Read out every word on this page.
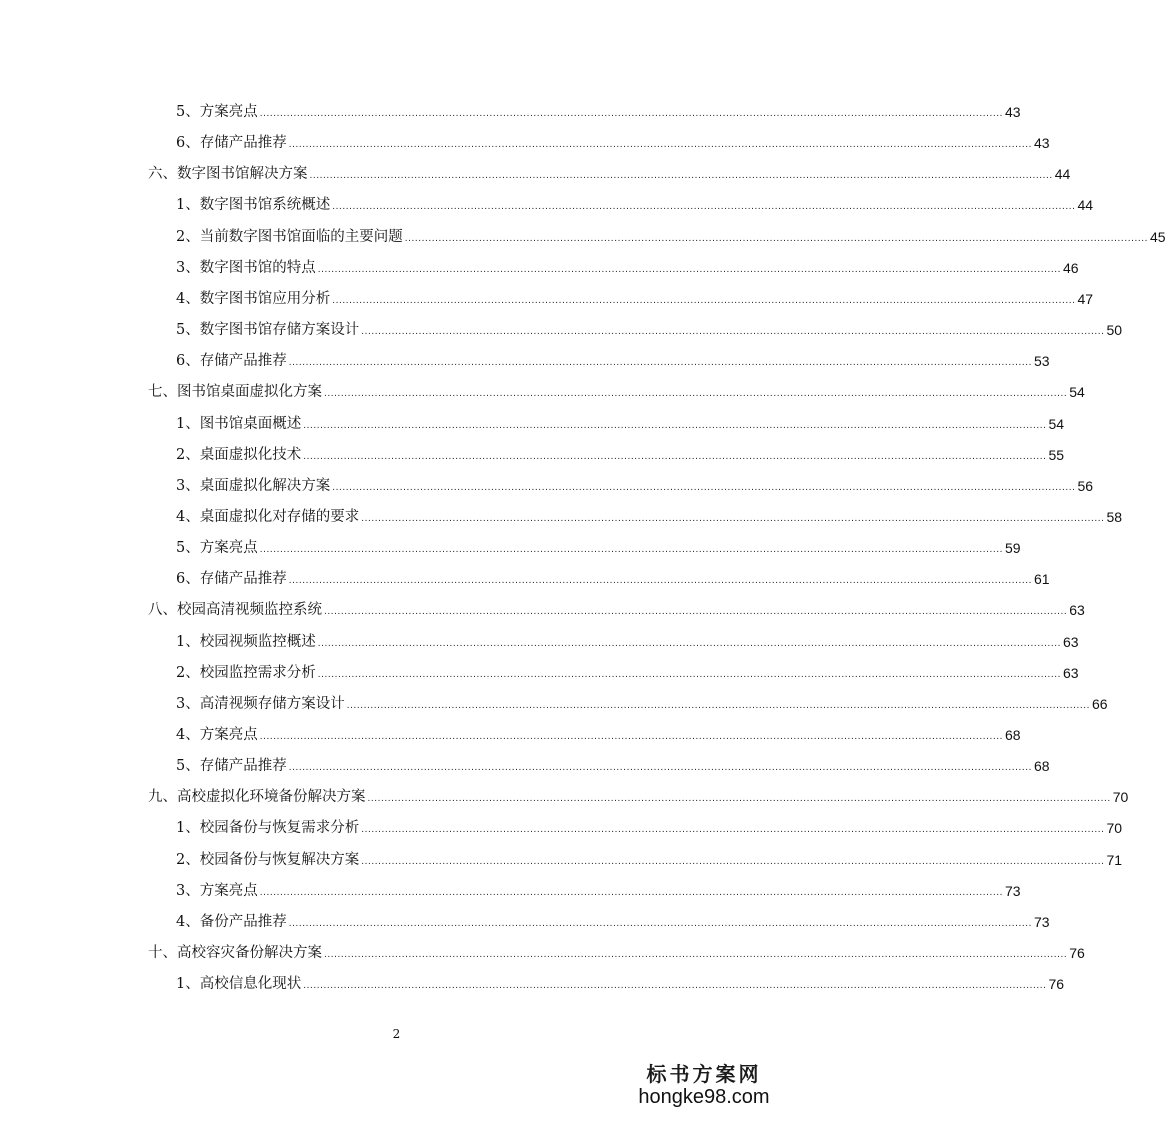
5、方案亮点 ............................................................................................................................................................................................................................ 43
6、存储产品推荐 ............................................................................................................................................................................................................................ 43
六、数字图书馆解决方案 ............................................................................................................................................................................................................................ 44
1、数字图书馆系统概述 ............................................................................................................................................................................................................................ 44
2、当前数字图书馆面临的主要问题 ............................................................................................................................................................................................................................ 45
3、数字图书馆的特点 ............................................................................................................................................................................................................................ 46
4、数字图书馆应用分析 ............................................................................................................................................................................................................................ 47
5、数字图书馆存储方案设计 ............................................................................................................................................................................................................................ 50
6、存储产品推荐 ............................................................................................................................................................................................................................ 53
七、图书馆桌面虚拟化方案 ............................................................................................................................................................................................................................ 54
1、图书馆桌面概述 ............................................................................................................................................................................................................................ 54
2、桌面虚拟化技术 ............................................................................................................................................................................................................................ 55
3、桌面虚拟化解决方案 ............................................................................................................................................................................................................................ 56
4、桌面虚拟化对存储的要求 ............................................................................................................................................................................................................................ 58
5、方案亮点 ............................................................................................................................................................................................................................ 59
6、存储产品推荐 ............................................................................................................................................................................................................................ 61
八、校园高清视频监控系统 ............................................................................................................................................................................................................................ 63
1、校园视频监控概述 ............................................................................................................................................................................................................................ 63
2、校园监控需求分析 ............................................................................................................................................................................................................................ 63
3、高清视频存储方案设计 ............................................................................................................................................................................................................................ 66
4、方案亮点 ............................................................................................................................................................................................................................ 68
5、存储产品推荐 ............................................................................................................................................................................................................................ 68
九、高校虚拟化环境备份解决方案 ............................................................................................................................................................................................................................ 70
1、校园备份与恢复需求分析 ............................................................................................................................................................................................................................ 70
2、校园备份与恢复解决方案 ............................................................................................................................................................................................................................ 71
3、方案亮点 ............................................................................................................................................................................................................................ 73
4、备份产品推荐 ............................................................................................................................................................................................................................ 73
十、高校容灾备份解决方案 ............................................................................................................................................................................................................................ 76
1、高校信息化现状 ............................................................................................................................................................................................................................ 76
2
标书方案网
hongke98.com
